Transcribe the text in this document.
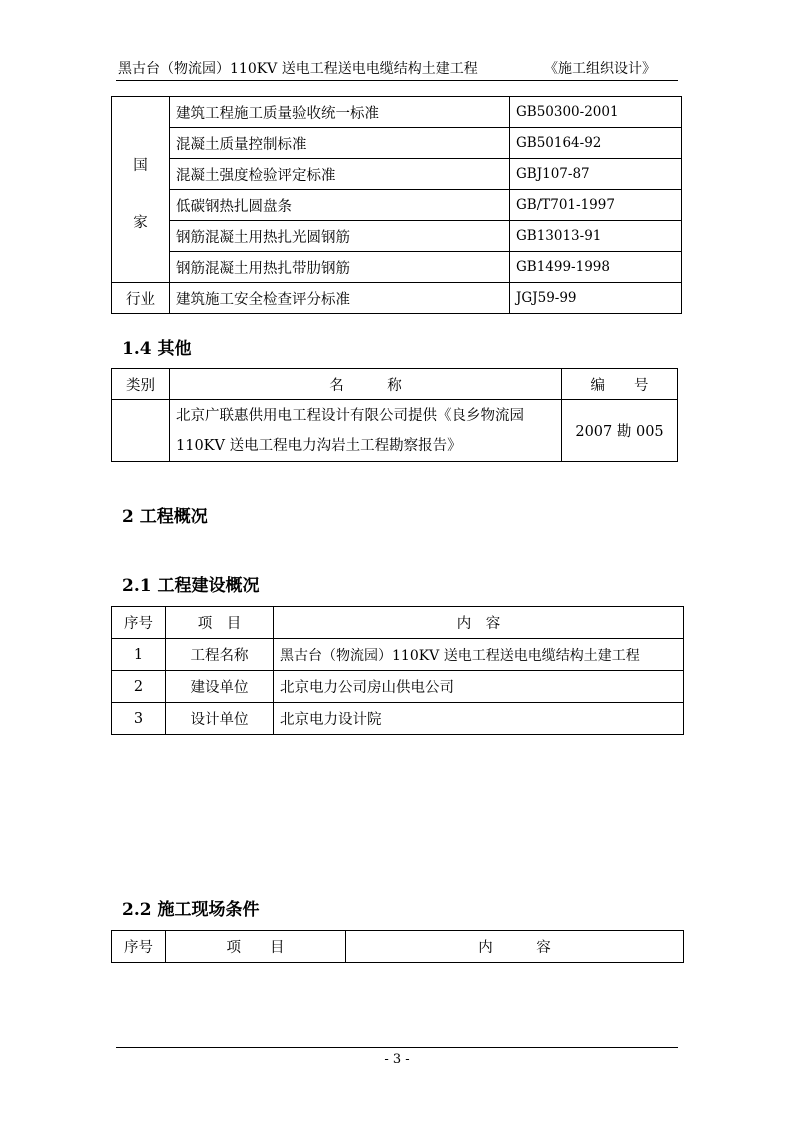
黑古台（物流园）110KV 送电工程送电电缆结构土建工程	《施工组织设计》
国
家	建筑工程施工质量验收统一标准	GB50300-2001
	混凝土质量控制标准	GB50164-92
	混凝土强度检验评定标准	GBJ107-87
	低碳钢热扎圆盘条	GB/T701-1997
	钢筋混凝土用热扎光圆钢筋	GB13013-91
	钢筋混凝土用热扎带肋钢筋	GB1499-1998
行业	建筑施工安全检查评分标准	JGJ59-99
1.4 其他
类别	名　　　称	编　　号

	北京广联惠供用电工程设计有限公司提供《良乡物流园
110KV 送电工程电力沟岩土工程勘察报告》	2007 勘 005
2 工程概况
2.1 工程建设概况
序号	项　目	内　容
1	工程名称	黑古台（物流园）110KV 送电工程送电电缆结构土建工程
2	建设单位	北京电力公司房山供电公司
3	设计单位	北京电力设计院
2.2 施工现场条件
序号	项　　目	内　　　容
- 3 -
